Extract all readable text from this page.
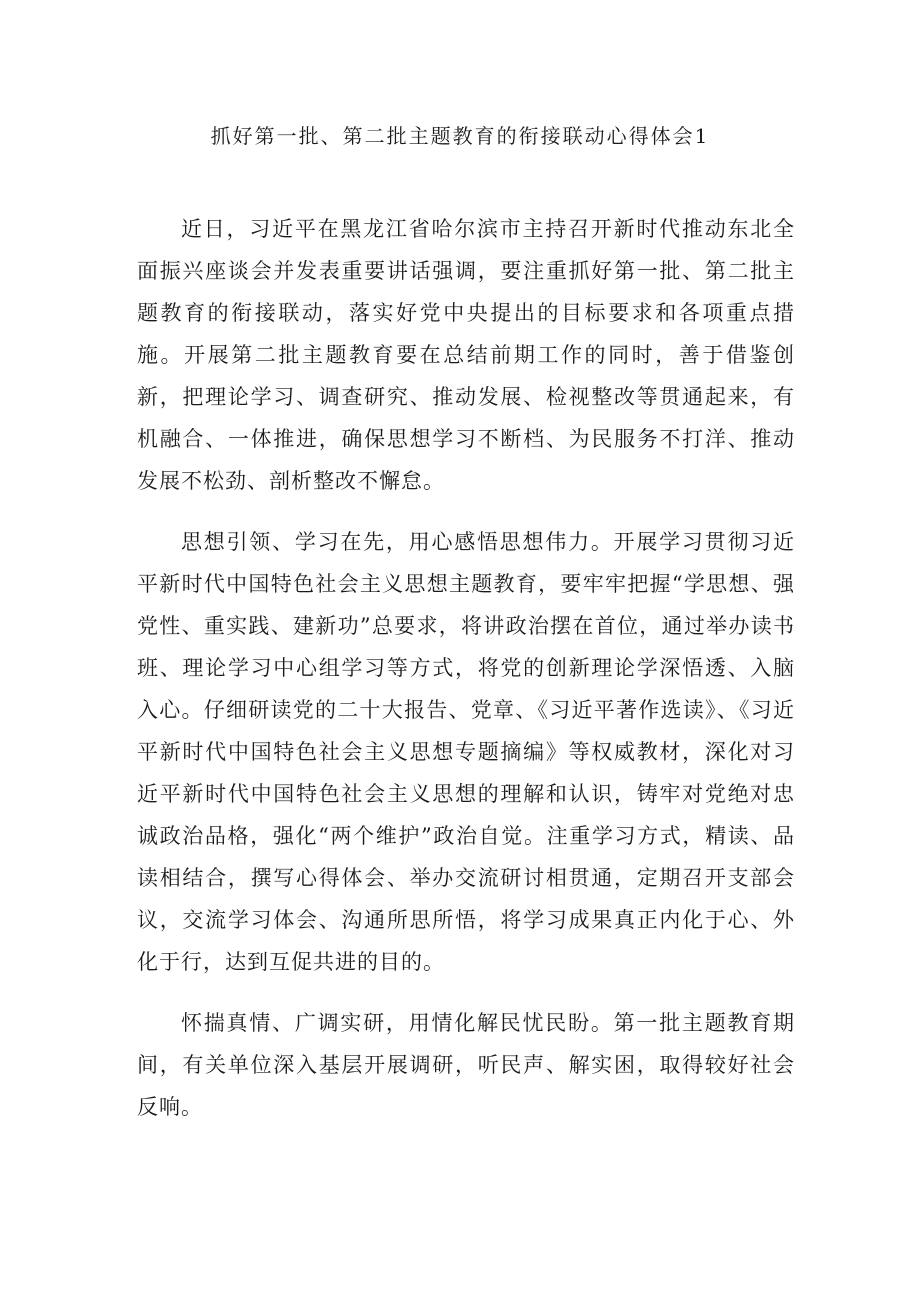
抓好第一批、第二批主题教育的衔接联动心得体会1

近日，习近平在黑龙江省哈尔滨市主持召开新时代推动东北全面振兴座谈会并发表重要讲话强调，要注重抓好第一批、第二批主题教育的衔接联动，落实好党中央提出的目标要求和各项重点措施。开展第二批主题教育要在总结前期工作的同时，善于借鉴创新，把理论学习、调查研究、推动发展、检视整改等贯通起来，有机融合、一体推进，确保思想学习不断档、为民服务不打洋、推动发展不松劲、剖析整改不懈怠。

思想引领、学习在先，用心感悟思想伟力。开展学习贯彻习近平新时代中国特色社会主义思想主题教育，要牢牢把握“学思想、强党性、重实践、建新功”总要求，将讲政治摆在首位，通过举办读书班、理论学习中心组学习等方式，将党的创新理论学深悟透、入脑入心。仔细研读党的二十大报告、党章、《习近平著作选读》、《习近平新时代中国特色社会主义思想专题摘编》等权威教材，深化对习近平新时代中国特色社会主义思想的理解和认识，铸牢对党绝对忠诚政治品格，强化“两个维护”政治自觉。注重学习方式，精读、品读相结合，撰写心得体会、举办交流研讨相贯通，定期召开支部会议，交流学习体会、沟通所思所悟，将学习成果真正内化于心、外化于行，达到互促共进的目的。

怀揣真情、广调实研，用情化解民忧民盼。第一批主题教育期间，有关单位深入基层开展调研，听民声、解实困，取得较好社会反响。
